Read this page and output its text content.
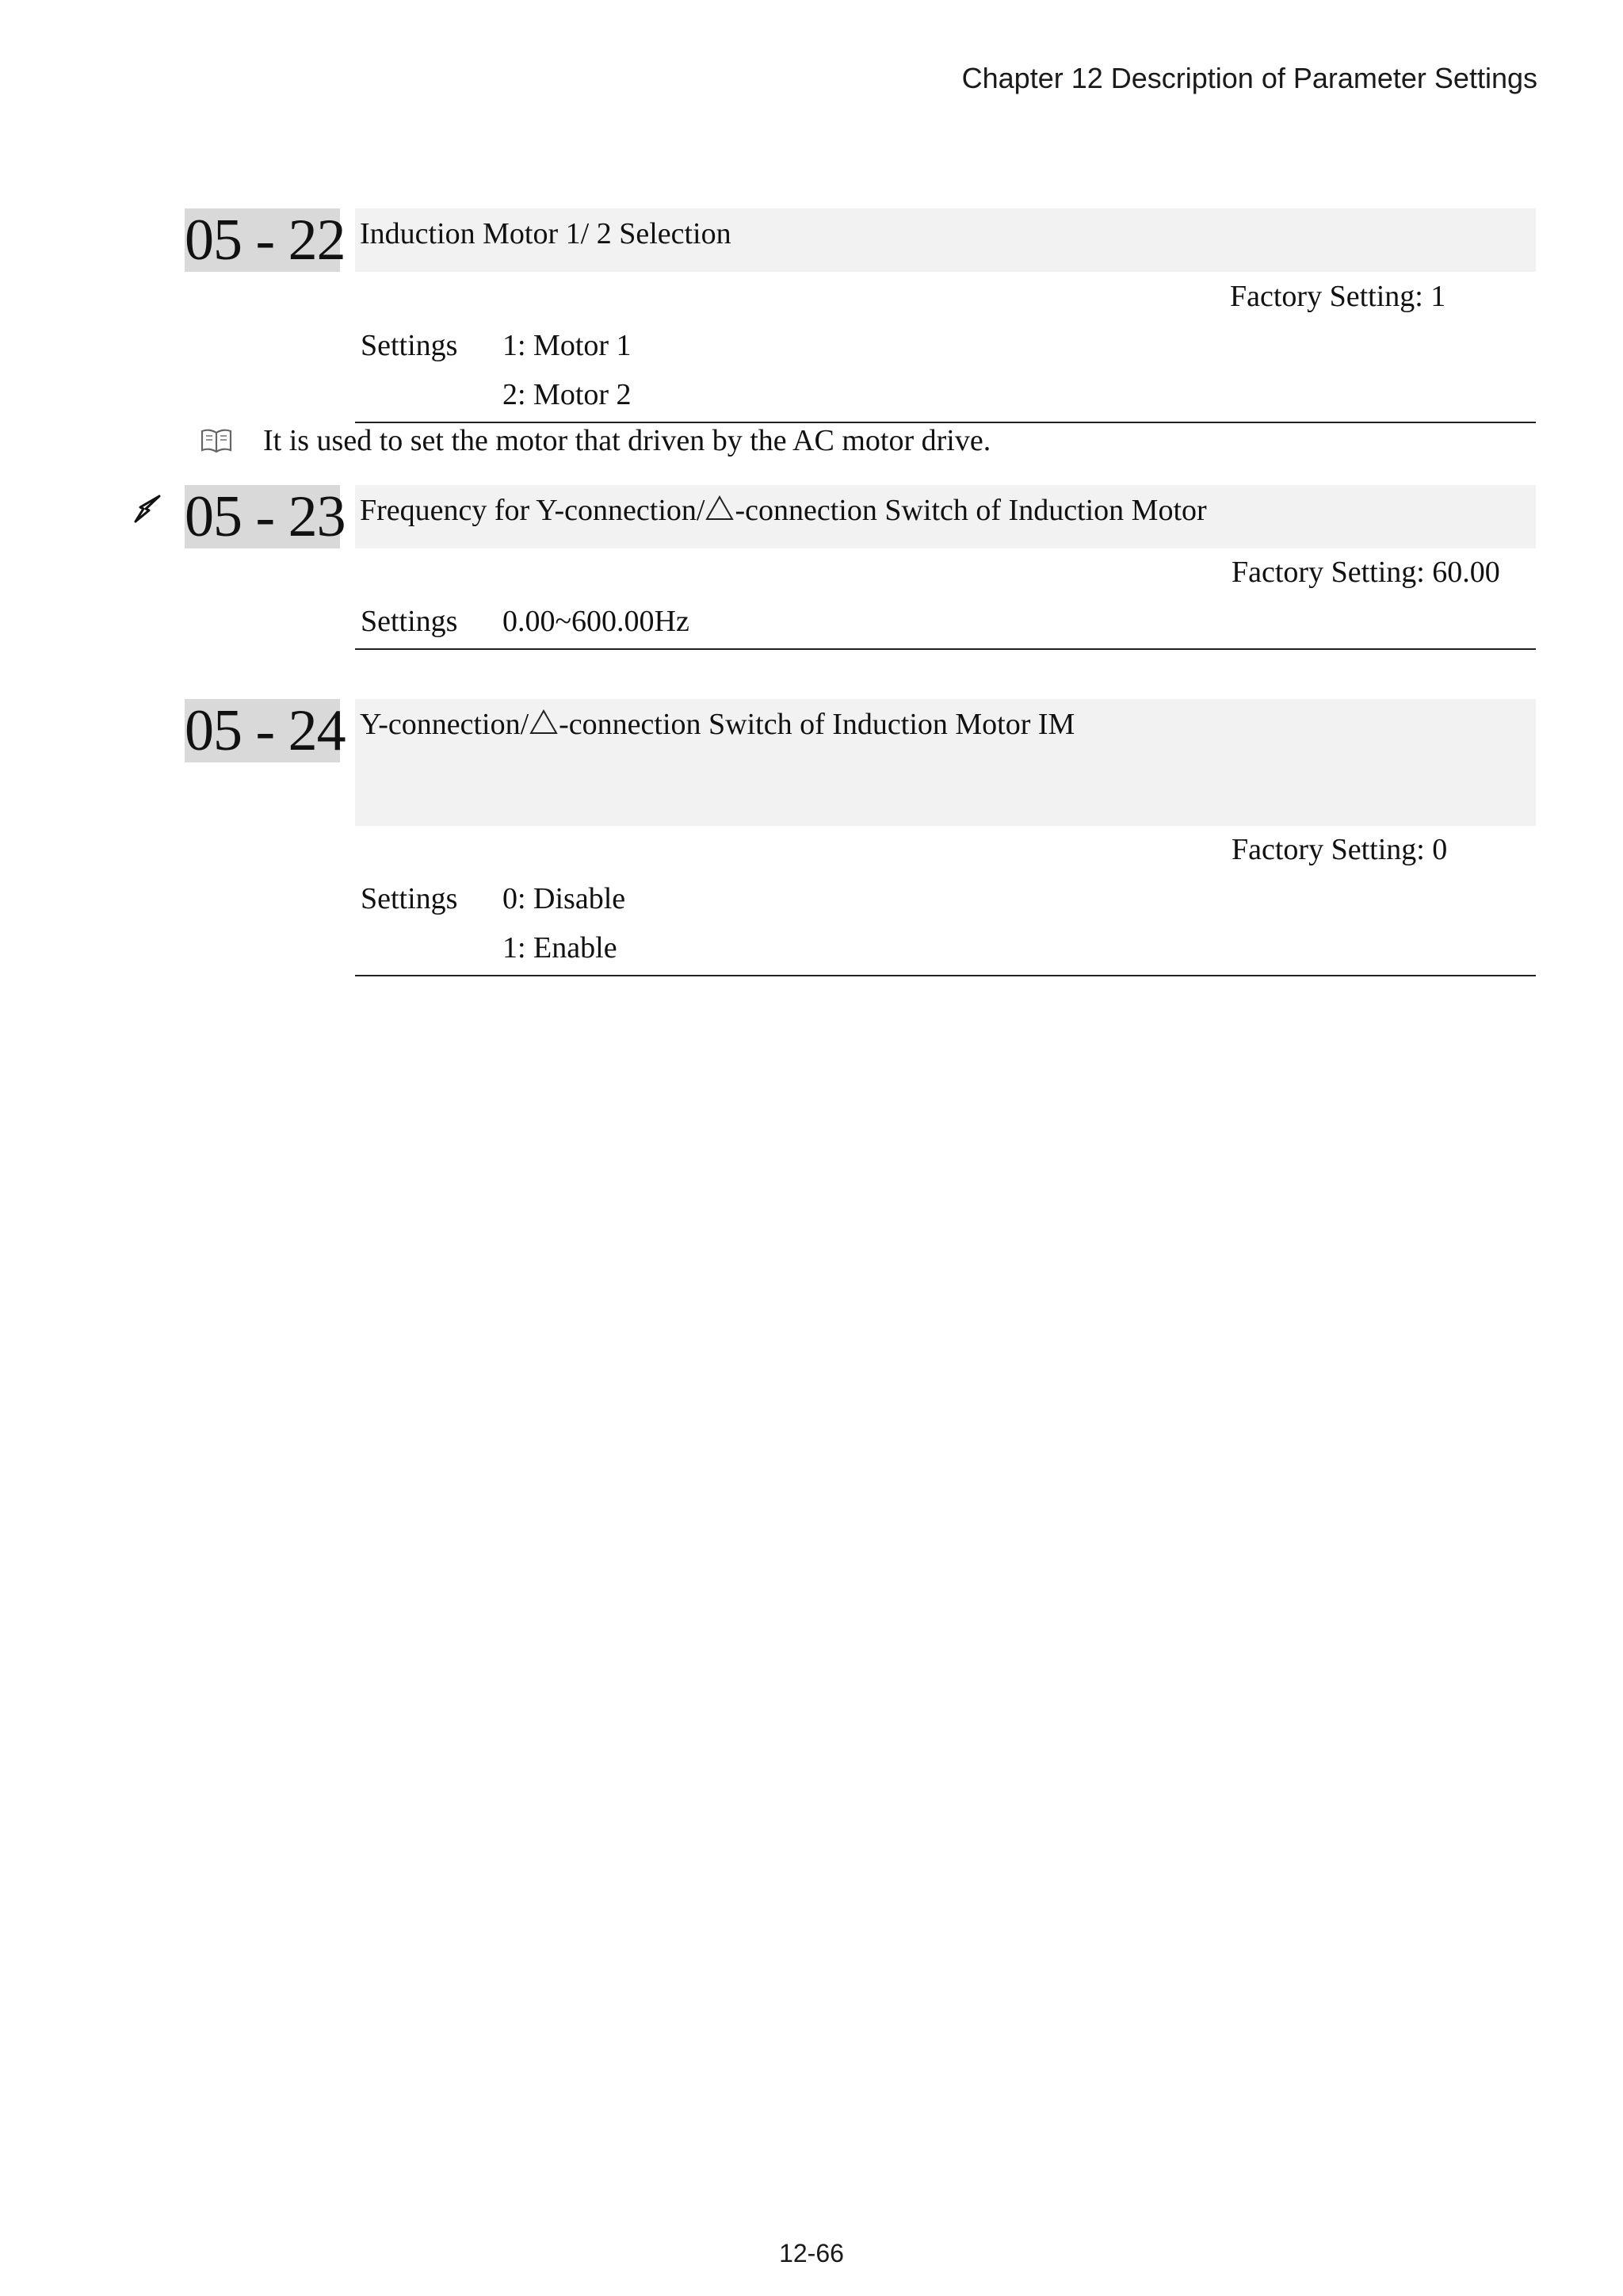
Chapter 12 Description of Parameter Settings
05 - 22 Induction Motor 1/ 2 Selection
Factory Setting: 1
Settings 1: Motor 1
2: Motor 2
It is used to set the motor that driven by the AC motor drive.
05 - 23 Frequency for Y-connection/ -connection Switch of Induction Motor
Factory Setting: 60.00
Settings 0.00~600.00Hz
05 - 24 Y-connection/ -connection Switch of Induction Motor IM
Factory Setting: 0
Settings 0: Disable
1: Enable
12-66
